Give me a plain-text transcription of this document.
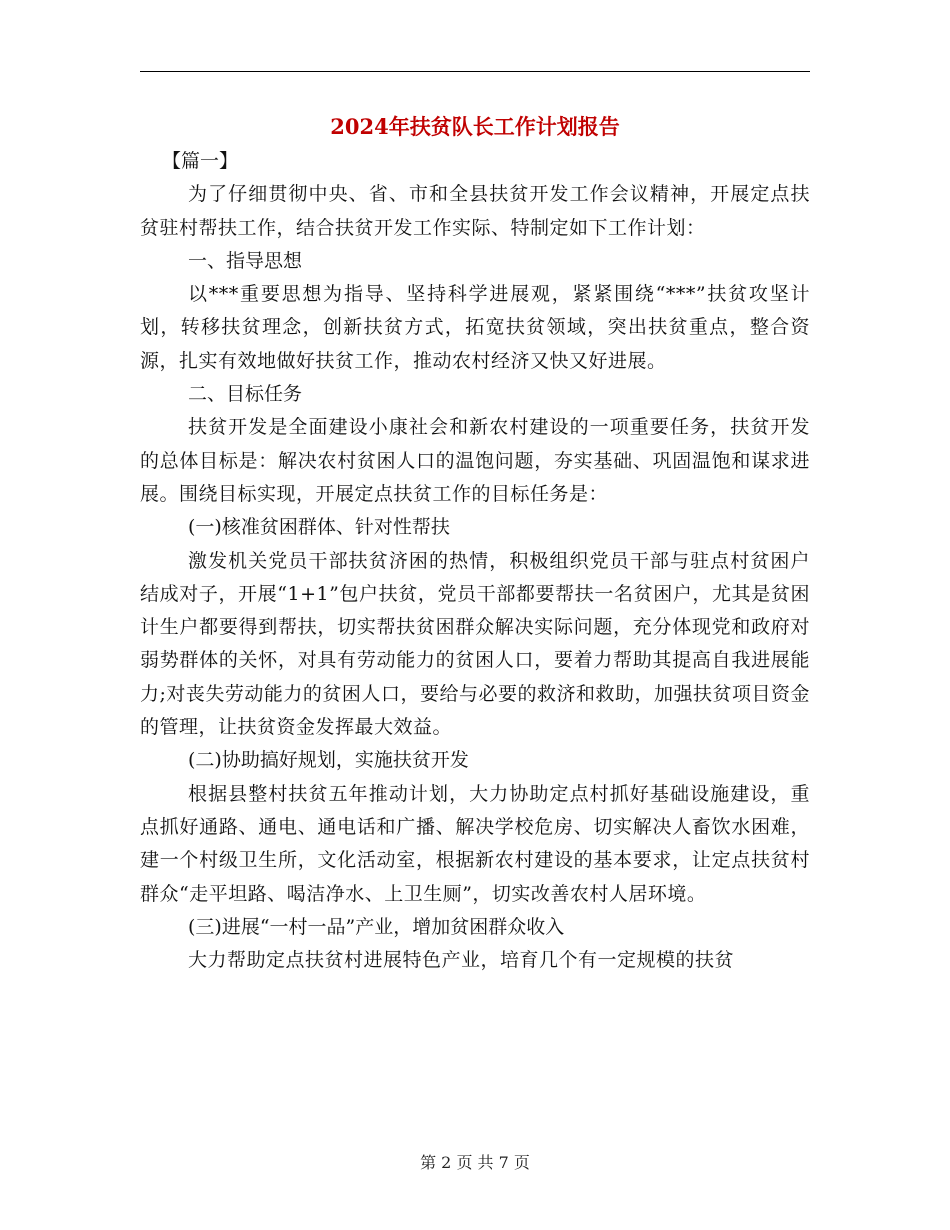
2024年扶贫队长工作计划报告

【篇一】

为了仔细贯彻中央、省、市和全县扶贫开发工作会议精神，开展定点扶贫驻村帮扶工作，结合扶贫开发工作实际、特制定如下工作计划：

一、指导思想

以***重要思想为指导、坚持科学进展观，紧紧围绕“***”扶贫攻坚计划，转移扶贫理念，创新扶贫方式，拓宽扶贫领域，突出扶贫重点，整合资源，扎实有效地做好扶贫工作，推动农村经济又快又好进展。

二、目标任务

扶贫开发是全面建设小康社会和新农村建设的一项重要任务，扶贫开发的总体目标是：解决农村贫困人口的温饱问题，夯实基础、巩固温饱和谋求进展。围绕目标实现，开展定点扶贫工作的目标任务是：

(一)核准贫困群体、针对性帮扶

激发机关党员干部扶贫济困的热情，积极组织党员干部与驻点村贫困户结成对子，开展“1+1”包户扶贫，党员干部都要帮扶一名贫困户，尤其是贫困计生户都要得到帮扶，切实帮扶贫困群众解决实际问题，充分体现党和政府对弱势群体的关怀，对具有劳动能力的贫困人口，要着力帮助其提高自我进展能力;对丧失劳动能力的贫困人口，要给与必要的救济和救助，加强扶贫项目资金的管理，让扶贫资金发挥最大效益。

(二)协助搞好规划，实施扶贫开发

根据县整村扶贫五年推动计划，大力协助定点村抓好基础设施建设，重点抓好通路、通电、通电话和广播、解决学校危房、切实解决人畜饮水困难，建一个村级卫生所，文化活动室，根据新农村建设的基本要求，让定点扶贫村群众“走平坦路、喝洁净水、上卫生厕”，切实改善农村人居环境。

(三)进展“一村一品”产业，增加贫困群众收入

大力帮助定点扶贫村进展特色产业，培育几个有一定规模的扶贫

第 2 页 共 7 页
